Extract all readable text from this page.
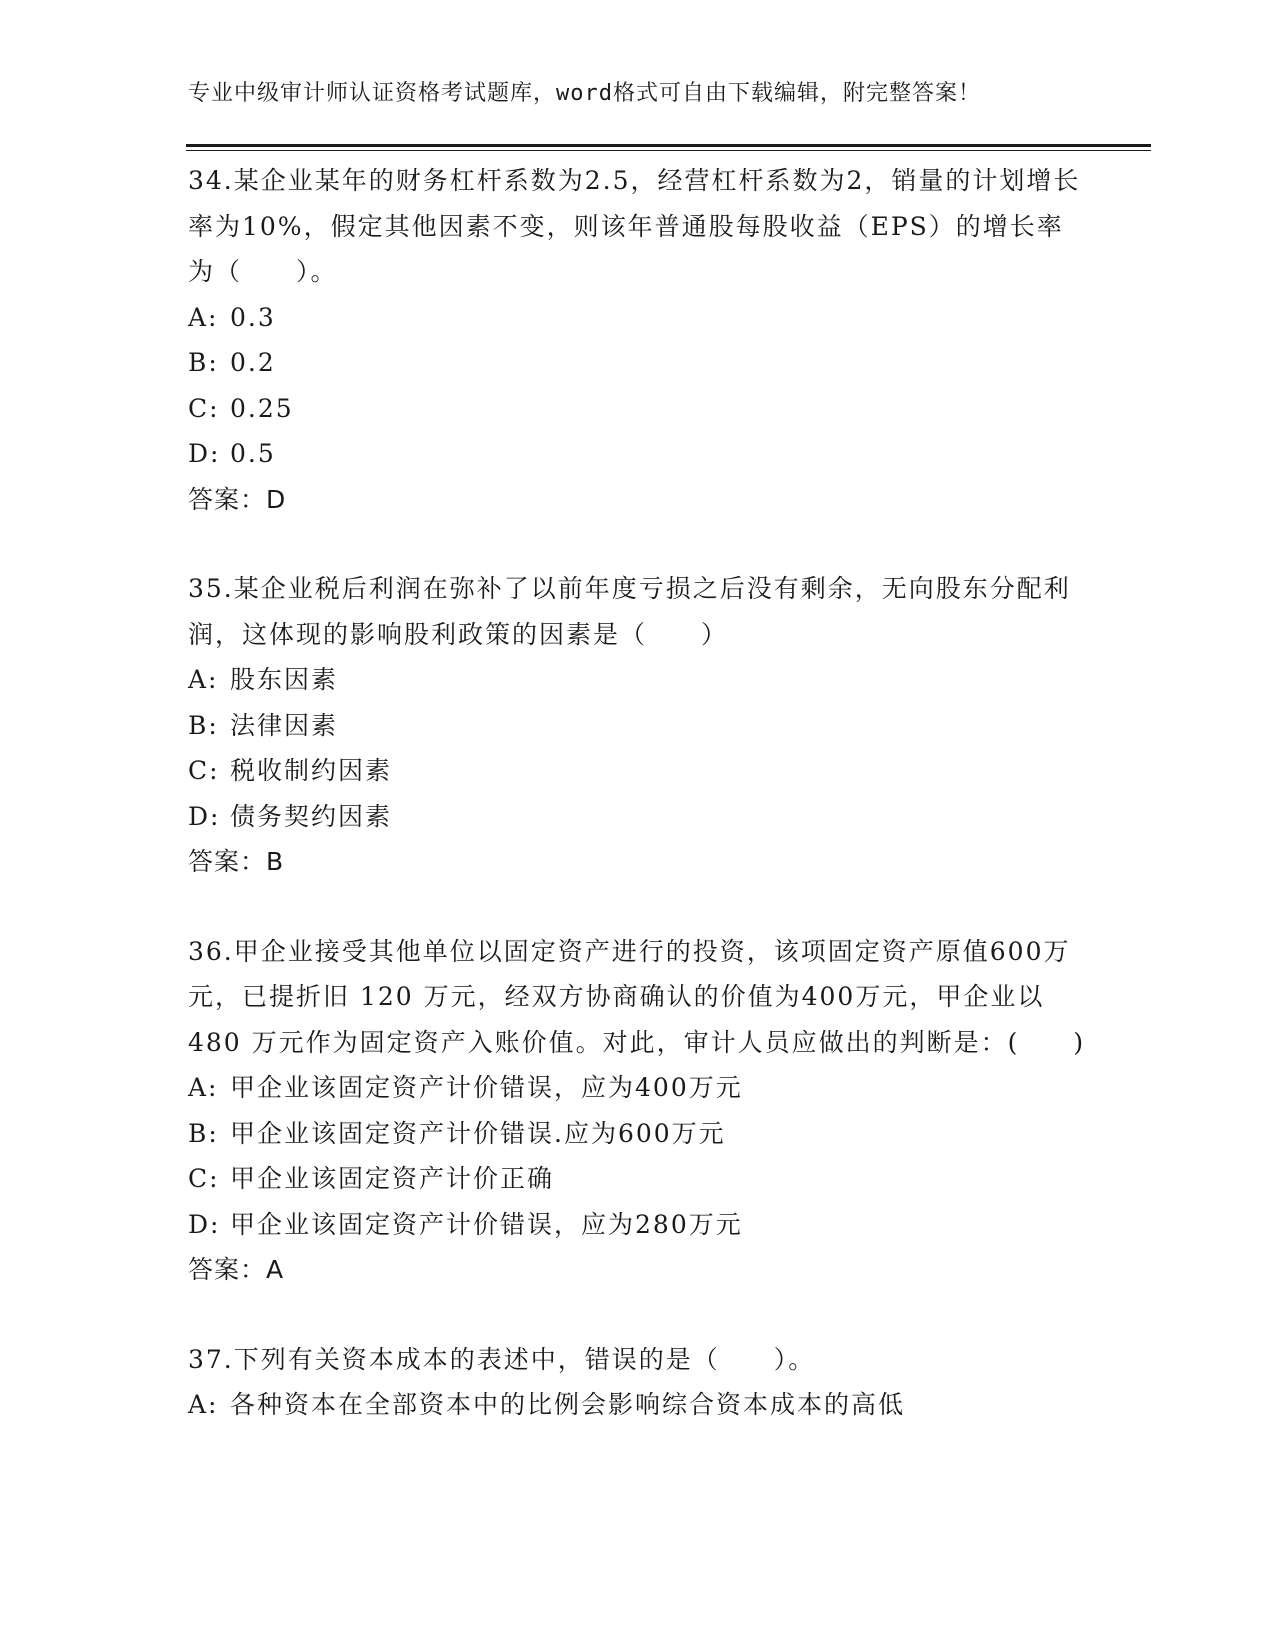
专业中级审计师认证资格考试题库，word格式可自由下载编辑，附完整答案！

34.某企业某年的财务杠杆系数为2.5，经营杠杆系数为2，销量的计划增长率为10%，假定其他因素不变，则该年普通股每股收益（EPS）的增长率为（　　）。

A: 0.3

B: 0.2

C: 0.25

D: 0.5

答案：D

35.某企业税后利润在弥补了以前年度亏损之后没有剩余，无向股东分配利润，这体现的影响股利政策的因素是（　　）

A: 股东因素

B: 法律因素

C: 税收制约因素

D: 债务契约因素

答案：B

36.甲企业接受其他单位以固定资产进行的投资，该项固定资产原值600万元，已提折旧 120 万元，经双方协商确认的价值为400万元，甲企业以 480 万元作为固定资产入账价值。对此，审计人员应做出的判断是：(　　)

A: 甲企业该固定资产计价错误，应为400万元

B: 甲企业该固定资产计价错误.应为600万元

C: 甲企业该固定资产计价正确

D: 甲企业该固定资产计价错误，应为280万元

答案：A

37.下列有关资本成本的表述中，错误的是（　　）。

A: 各种资本在全部资本中的比例会影响综合资本成本的高低
